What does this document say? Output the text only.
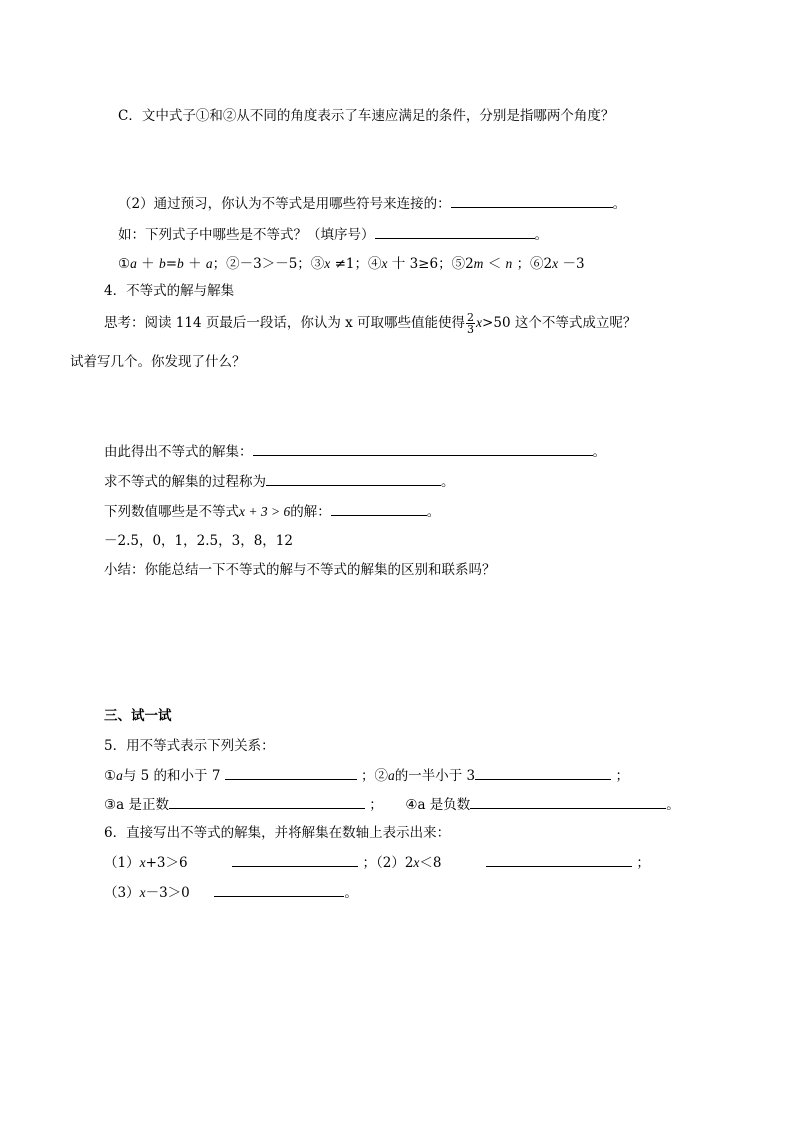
C．文中式子①和②从不同的角度表示了车速应满足的条件，分别是指哪两个角度？
（2）通过预习，你认为不等式是用哪些符号来连接的：	。
如：下列式子中哪些是不等式？（填序号）	。
①a ＋ b=b ＋ a；②－3＞－5；③x ≠1；④x 十 3≥6；⑤2m ＜ n ；⑥2x －3
4．不等式的解与解集
思考：阅读 114 页最后一段话，你认为 x 可取哪些值能使得 $\frac{2}{3} x>50$ 这个不等式成立呢？
试着写几个。你发现了什么？
由此得出不等式的解集：	。
求不等式的解集的过程称为	。
下列数值哪些是不等式x + 3 > 6的解：	。
－2.5，0，1，2.5，3，8，12
小结：你能总结一下不等式的解与不等式的解集的区别和联系吗？
三、试一试
5．用不等式表示下列关系：
①a与 5 的和小于 7	；②a的一半小于 3	；
③a 是正数	； ④a 是负数	。
6．直接写出不等式的解集，并将解集在数轴上表示出来：
（1）x+3＞6	；（2）2x＜8	；
（3）x－3＞0	。
